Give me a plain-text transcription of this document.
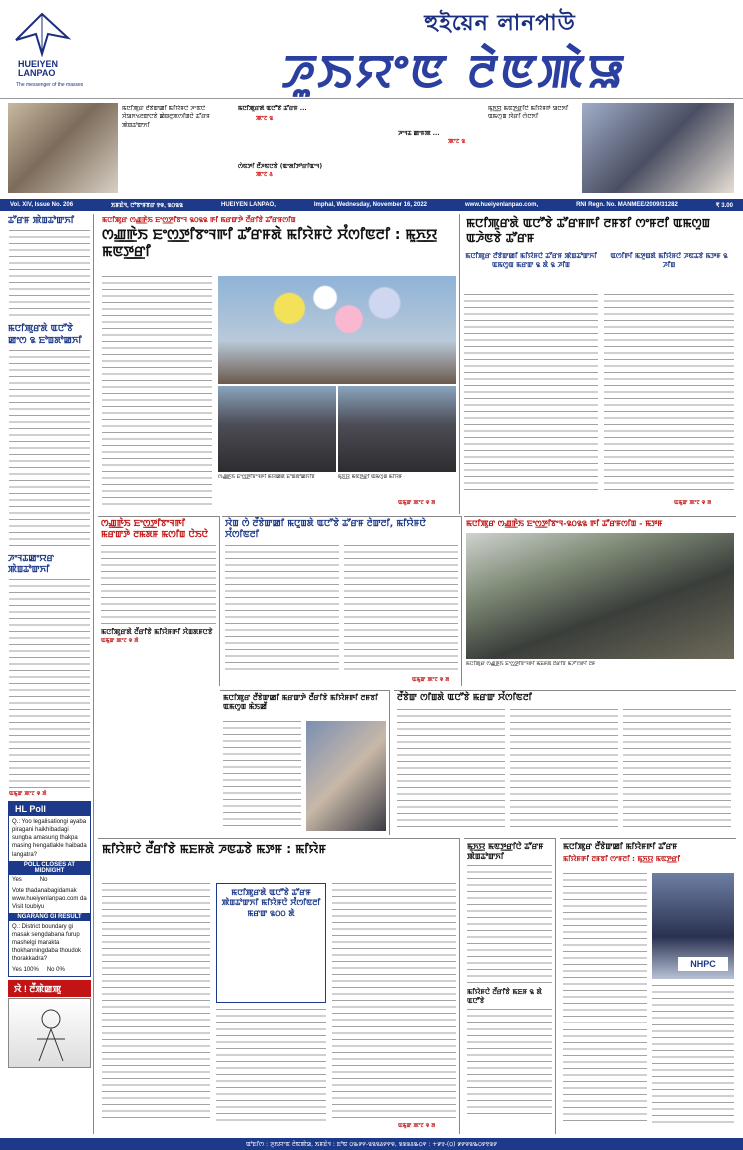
HUEIYEN
LANPAO
The messenger of the masses
হুইয়েন লানপাউ
ꯍꯨꯏꯌꯦꯟ ꯂꯥꯟꯄꯥꯎ
ꯃꯅꯤꯄꯨꯔ ꯂꯩꯕꯥꯛꯀꯤ ꯃꯤꯌꯥꯝꯅꯥ ꯍꯦꯟꯅꯥ ꯆꯥꯎꯈꯠꯂꯛꯅꯕꯥ ꯀꯥꯡꯂꯨꯞꯁꯤꯡꯅꯥ ꯊꯧꯔꯝ ꯄꯥꯡꯊꯣꯛꯈꯤ
ꯃꯅꯤꯄꯨꯔꯗꯥ ꯑꯅꯧꯕꯥ ꯊꯧꯔꯝ ...
ꯄꯦꯖ ꯲
ꯍꯦꯜꯊ ꯀꯦꯝꯄ ...
ꯄꯦꯖ ꯲
ꯁꯥꯟꯇꯤ ꯂꯩꯍꯟꯅꯕꯥ (ꯑꯦꯗꯤꯇꯣꯔꯤꯑꯦꯜ)
ꯄꯦꯖ ꯴
ꯃꯨꯈ꯭ꯌ ꯃꯟꯇ꯭ꯔꯤꯅꯥ ꯃꯤꯌꯥꯝꯒꯥ ꯎꯅꯈꯤ ꯑꯃꯁꯨꯡ ꯋꯥꯔꯤ ꯁꯥꯅꯈꯤ
Vol. XIV, Issue No. 206	ꯏꯝꯐꯥꯜ, ꯅꯣꯕꯦꯝꯕꯔ ꯱꯶, ꯲꯰꯲꯲	HUEIYEN LANPAO,	Imphal, Wednesday, November 16, 2022	www.hueiyenlanpao.com,	RNI Regn. No. MANMEE/2009/31282	₹ 3.00
ꯊꯧꯔꯝ ꯄꯥꯡꯊꯣꯛꯈꯤ
ꯃꯅꯤꯄꯨꯔꯗꯥ ꯑꯅꯧꯕꯥ ꯀꯦꯁ ꯲ ꯐꯣꯡꯗꯣꯀꯈꯤ
ꯍꯦꯜꯊꯀꯦꯌꯔ ꯄꯥꯡꯊꯣꯛꯈꯤ
ꯑꯃꯨꯛ ꯄꯦꯖ ꯶ ꯗꯥ
HL Poll
Q.: Yoo legalisationgi ayaba piragani haikhibadagi sungba amasung thakpa masing hengatlakle haibada langatra?
POLL CLOSES AT MIDNIGHT
Yes	No
Vote thadanabagidamak www.hueiyenlanpao.com da Visit toubiyu
NGARANG GI RESULT
Q.: District boundary gi masak sengdabana furup mashelgi marakta thokhanningdaba thoudok thorakkadra?
Yes 100% No 0%
ꯋꯥ ! ꯂꯩꯄꯥꯀꯄꯨ
ꯃꯅꯤꯄꯨꯔ ꯁꯉ꯭ꯒꯥꯏ ꯐꯦꯁ꯭ꯇꯤꯕꯦꯜ ꯲꯰꯲꯲ ꯒꯤ ꯃꯔꯛꯇꯥ ꯂꯩꯔꯤꯕꯥ ꯊꯧꯔꯝꯁꯤꯡ
ꯁꯉ꯭ꯒꯥꯏ ꯐꯦꯁ꯭ꯇꯤꯕꯦꯜꯒꯤ ꯊꯧꯔꯝꯗꯥ ꯃꯤꯌꯥꯝꯅꯥ ꯆꯪꯁꯤꯟꯂꯤ : ꯃꯨꯈ꯭ꯌ ꯃꯟꯇ꯭ꯔꯤ
ꯁꯉ꯭ꯒꯥꯏ ꯐꯦꯁ꯭ꯇꯤꯕꯦꯜꯒꯤ ꯃꯥꯌꯀꯩꯗꯥ ꯐꯣꯡꯗꯣꯀꯈꯤꯕꯥ	ꯃꯨꯈ꯭ꯌ ꯃꯟꯇ꯭ꯔꯤ ꯑꯃꯁꯨꯡ ꯃꯤꯌꯥꯝ
ꯑꯃꯨꯛ ꯄꯦꯖ ꯶ ꯗꯥ
ꯃꯅꯤꯄꯨꯔꯗꯥ ꯑꯅꯧꯕꯥ ꯊꯧꯔꯝꯒꯤ ꯂꯝꯕꯤ ꯁꯦꯝꯂꯤ ꯑꯃꯁꯨꯡ ꯑꯍꯥꯟꯕꯥ ꯊꯧꯔꯝ
ꯃꯅꯤꯄꯨꯔ ꯂꯩꯕꯥꯛꯀꯤ ꯃꯤꯌꯥꯝꯅꯥ ꯊꯧꯔꯝ ꯄꯥꯡꯊꯣꯛꯈꯤ ꯑꯃꯁꯨꯡ ꯃꯔꯛ ꯲ ꯗꯥ ꯲ ꯍꯤꯡ
ꯑꯁꯤꯒꯤ ꯃꯇꯨꯡꯗꯥ ꯃꯤꯌꯥꯝꯅꯥ ꯍꯟꯊꯕꯥ ꯃꯇꯝ ꯲ ꯍꯤꯡ
ꯑꯃꯨꯛ ꯄꯦꯖ ꯶ ꯗꯥ
ꯁꯉ꯭ꯒꯥꯏ ꯐꯦꯁ꯭ꯇꯤꯕꯦꯜꯒꯤ ꯃꯔꯛꯇꯥ ꯂꯃꯗꯝ ꯃꯁꯤꯡ ꯅꯥꯏꯅꯥ
ꯃꯅꯤꯄꯨꯔꯗꯥ ꯂꯩꯔꯤꯕꯥ ꯃꯤꯌꯥꯝꯒꯤ ꯆꯥꯡꯗꯝꯅꯕꯥ
ꯑꯃꯨꯛ ꯄꯦꯖ ꯶ ꯗꯥ
ꯋꯥꯡ ꯁꯥ ꯂꯩꯕꯥꯛꯀꯤ ꯃꯅꯨꯡꯗꯥ ꯑꯅꯧꯕꯥ ꯊꯧꯔꯝ ꯂꯥꯛꯂꯤ, ꯃꯤꯌꯥꯝꯅꯥ ꯆꯪꯁꯤꯟꯂꯤ
ꯑꯃꯨꯛ ꯄꯦꯖ ꯶ ꯗꯥ
ꯃꯅꯤꯄꯨꯔ ꯁꯉ꯭ꯒꯥꯏ ꯐꯦꯁ꯭ꯇꯤꯕꯦꯜ-꯲꯰꯲꯲ ꯒꯤ ꯊꯧꯔꯝꯁꯤꯡ - ꯃꯇꯝ
ꯃꯅꯤꯄꯨꯔ ꯁꯉ꯭ꯒꯥꯏ ꯐꯦꯁ꯭ꯇꯤꯕꯦꯜꯒꯤ ꯃꯐꯝꯗꯥ ꯂꯩꯔꯤꯕꯥ ꯃꯍꯧꯁꯥꯒꯤ ꯂꯝ
ꯃꯅꯤꯄꯨꯔ ꯂꯩꯕꯥꯛꯀꯤ ꯃꯔꯛꯇꯥ ꯂꯩꯔꯤꯕꯥ ꯃꯤꯌꯥꯝꯒꯤ ꯂꯝꯕꯤ ꯑꯃꯁꯨꯡ ꯃꯥꯏꯀꯩ
ꯂꯩꯕꯥꯛ ꯁꯤꯡꯗꯥ ꯑꯅꯧꯕꯥ ꯃꯔꯛ ꯆꯪꯁꯤꯟꯂꯤ
ꯃꯤꯌꯥꯝꯅꯥ ꯂꯩꯔꯤꯕꯥ ꯃꯐꯝꯗꯥ ꯍꯟꯊꯕꯥ ꯃꯇꯝ : ꯃꯤꯌꯥꯝ
ꯃꯅꯤꯄꯨꯔꯗꯥ ꯑꯅꯧꯕꯥ ꯊꯧꯔꯝ ꯄꯥꯡꯊꯣꯛꯈꯤ ꯃꯤꯌꯥꯝꯅꯥ ꯆꯪꯁꯤꯟꯂꯤ ꯃꯔꯛ ꯲꯰꯰ ꯗꯥ
ꯑꯃꯨꯛ ꯄꯦꯖ ꯶ ꯗꯥ
ꯃꯨꯈ꯭ꯌ ꯃꯟꯇ꯭ꯔꯤꯅꯥ ꯊꯧꯔꯝ ꯄꯥꯡꯊꯣꯛꯈꯤ
ꯃꯤꯌꯥꯝꯅꯥ ꯂꯩꯔꯤꯕꯥ ꯃꯐꯝ ꯲ ꯗꯥ ꯑꯅꯧꯕꯥ
ꯃꯅꯤꯄꯨꯔ ꯂꯩꯕꯥꯛꯀꯤ ꯃꯤꯌꯥꯝꯒꯤ ꯊꯧꯔꯝ
ꯃꯤꯌꯥꯝꯒꯤ ꯂꯝꯕꯤ ꯁꯦꯝꯂꯤ : ꯃꯨꯈ꯭ꯌ ꯃꯟꯇ꯭ꯔꯤ
NHPC
ꯑꯣꯐꯤꯁ : ꯍꯨꯏꯌꯦꯟ ꯂꯥꯟꯄꯥꯎ, ꯏꯝꯐꯥꯜ : ꯐꯣꯟ ꯰꯳꯸꯵-꯲꯲꯲꯴꯸꯵꯶, ꯲꯲꯲꯴꯳꯰꯵ : +꯹꯱-(꯰) ꯹꯸꯶꯲꯳꯰꯸꯱꯲꯸
